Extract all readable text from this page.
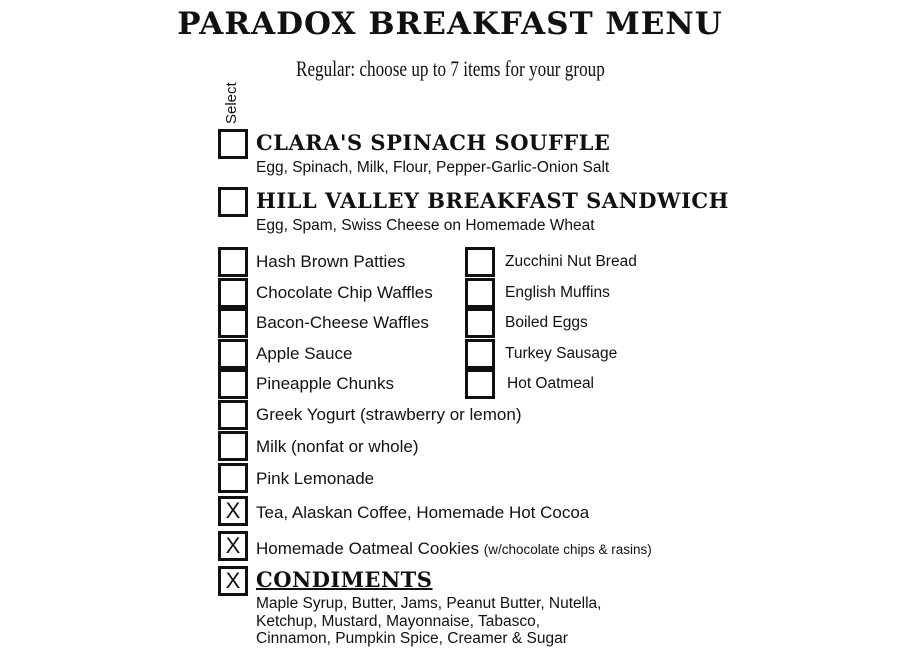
PARADOX BREAKFAST MENU
Regular: choose up to 7 items for your group
Select
CLARA'S SPINACH SOUFFLE
Egg, Spinach, Milk, Flour, Pepper-Garlic-Onion Salt
HILL VALLEY BREAKFAST SANDWICH
Egg, Spam, Swiss Cheese on Homemade Wheat
Hash Brown Patties
Chocolate Chip Waffles
Bacon-Cheese Waffles
Apple Sauce
Pineapple Chunks
Zucchini Nut Bread
English Muffins
Boiled Eggs
Turkey Sausage
Hot Oatmeal
Greek Yogurt (strawberry or lemon)
Milk (nonfat or whole)
Pink Lemonade
X Tea, Alaskan Coffee, Homemade Hot Cocoa
X Homemade Oatmeal Cookies (w/chocolate chips & rasins)
X CONDIMENTS
Maple Syrup, Butter, Jams, Peanut Butter, Nutella,
Ketchup, Mustard, Mayonnaise, Tabasco,
Cinnamon, Pumpkin Spice, Creamer & Sugar
